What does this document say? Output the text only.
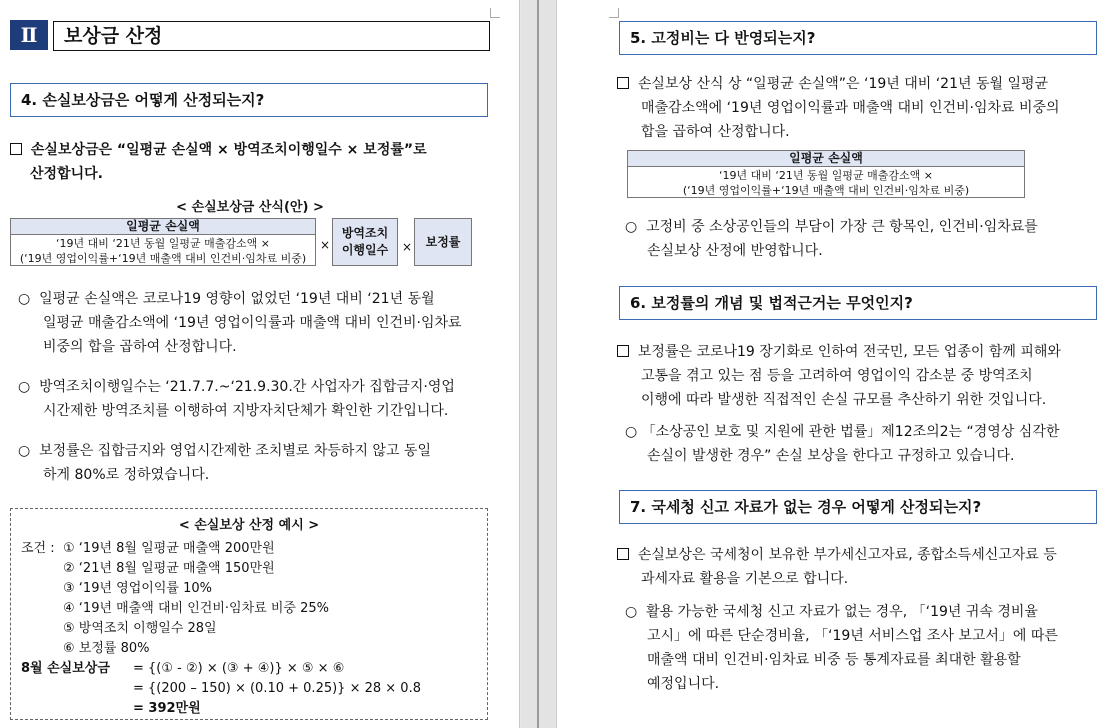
Ⅱ	보상금 산정
4. 손실보상금은 어떻게 산정되는지?
손실보상금은 “일평균 손실액 × 방역조치이행일수 × 보정률”로
산정합니다.
< 손실보상금 산식(안) >
일평균 손실액
‘19년 대비 ‘21년 동월 일평균 매출감소액 ×
(‘19년 영업이익률+‘19년 매출액 대비 인건비·임차료 비중)
×
방역조치
이행일수	×	보정률
○ 일평균 손실액은 코로나19 영향이 없었던 ‘19년 대비 ‘21년 동월
일평균 매출감소액에 ‘19년 영업이익률과 매출액 대비 인건비·임차료
비중의 합을 곱하여 산정합니다.
○ 방역조치이행일수는 ‘21.7.7.~‘21.9.30.간 사업자가 집합금지·영업
시간제한 방역조치를 이행하여 지방자치단체가 확인한 기간입니다.
○ 보정률은 집합금지와 영업시간제한 조치별로 차등하지 않고 동일
하게 80%로 정하였습니다.
< 손실보상 산정 예시 >
조건 : ① ‘19년 8월 일평균 매출액 200만원
② ‘21년 8월 일평균 매출액 150만원
③ ‘19년 영업이익률 10%
④ ‘19년 매출액 대비 인건비·임차료 비중 25%
⑤ 방역조치 이행일수 28일
⑥ 보정률 80%
8월 손실보상금 = {(① - ②) × (③ + ④)} × ⑤ × ⑥
= {(200 – 150) × (0.10 + 0.25)} × 28 × 0.8
= 392만원
5. 고정비는 다 반영되는지?
손실보상 산식 상 “일평균 손실액”은 ‘19년 대비 ‘21년 동월 일평균
매출감소액에 ‘19년 영업이익률과 매출액 대비 인건비·임차료 비중의
합을 곱하여 산정합니다.
일평균 손실액
‘19년 대비 ‘21년 동월 일평균 매출감소액 ×
(‘19년 영업이익률+‘19년 매출액 대비 인건비·임차료 비중)
○ 고정비 중 소상공인들의 부담이 가장 큰 항목인, 인건비·임차료를
손실보상 산정에 반영합니다.
6. 보정률의 개념 및 법적근거는 무엇인지?
보정률은 코로나19 장기화로 인하여 전국민, 모든 업종이 함께 피해와
고통을 겪고 있는 점 등을 고려하여 영업이익 감소분 중 방역조치
이행에 따라 발생한 직접적인 손실 규모를 추산하기 위한 것입니다.
○ 「소상공인 보호 및 지원에 관한 법률」제12조의2는 “경영상 심각한
손실이 발생한 경우” 손실 보상을 한다고 규정하고 있습니다.
7. 국세청 신고 자료가 없는 경우 어떻게 산정되는지?
손실보상은 국세청이 보유한 부가세신고자료, 종합소득세신고자료 등
과세자료 활용을 기본으로 합니다.
○ 활용 가능한 국세청 신고 자료가 없는 경우, 「‘19년 귀속 경비율
고시」에 따른 단순경비율, 「‘19년 서비스업 조사 보고서」에 따른
매출액 대비 인건비·임차료 비중 등 통계자료를 최대한 활용할
예정입니다.
